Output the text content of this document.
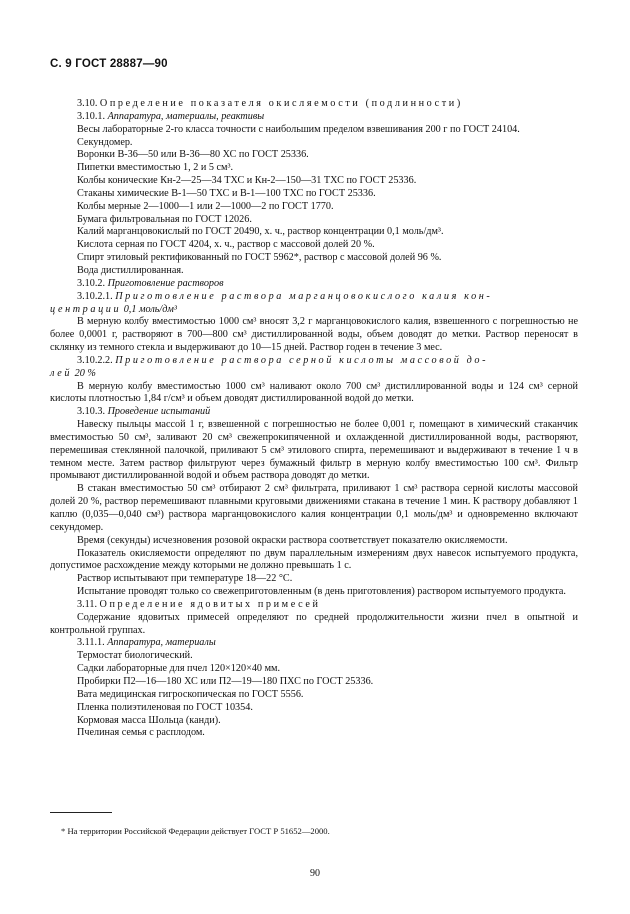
С. 9 ГОСТ 28887—90

3.10. Определение показателя окисляемости (подлинности)

3.10.1. Аппаратура, материалы, реактивы

Весы лабораторные 2-го класса точности с наибольшим пределом взвешивания 200 г по ГОСТ 24104.

Секундомер.

Воронки В-36—50 или В-36—80 ХС по ГОСТ 25336.

Пипетки вместимостью 1, 2 и 5 см³.

Колбы конические Кн-2—25—34 ТХС и Кн-2—150—31 ТХС по ГОСТ 25336.

Стаканы химические В-1—50 ТХС и В-1—100 ТХС по ГОСТ 25336.

Колбы мерные 2—1000—1 или 2—1000—2 по ГОСТ 1770.

Бумага фильтровальная по ГОСТ 12026.

Калий марганцовокислый по ГОСТ 20490, х. ч., раствор концентрации 0,1 моль/дм³.

Кислота серная по ГОСТ 4204, х. ч., раствор с массовой долей 20 %.

Спирт этиловый ректификованный по ГОСТ 5962*, раствор с массовой долей 96 %.

Вода дистиллированная.

3.10.2. Приготовление растворов

3.10.2.1. Приготовление раствора марганцовокислого калия кон-
центрации 0,1 моль/дм³

В мерную колбу вместимостью 1000 см³ вносят 3,2 г марганцовокислого калия, взвешенного с погрешностью не более 0,0001 г, растворяют в 700—800 см³ дистиллированной воды, объем доводят до метки. Раствор переносят в склянку из темного стекла и выдерживают до 10—15 дней. Раствор годен в течение 3 мес.

3.10.2.2. Приготовление раствора серной кислоты массовой до-
лей 20 %

В мерную колбу вместимостью 1000 см³ наливают около 700 см³ дистиллированной воды и 124 см³ серной кислоты плотностью 1,84 г/см³ и объем доводят дистиллированной водой до метки.

3.10.3. Проведение испытаний

Навеску пыльцы массой 1 г, взвешенной с погрешностью не более 0,001 г, помещают в химический стаканчик вместимостью 50 см³, заливают 20 см³ свежепрокипяченной и охлажденной дистиллированной воды, растворяют, перемешивая стеклянной палочкой, приливают 5 см³ этилового спирта, перемешивают и выдерживают в течение 1 ч в темном месте. Затем раствор фильтруют через бумажный фильтр в мерную колбу вместимостью 100 см³. Фильтр промывают дистиллированной водой и объем раствора доводят до метки.

В стакан вместимостью 50 см³ отбирают 2 см³ фильтрата, приливают 1 см³ раствора серной кислоты массовой долей 20 %, раствор перемешивают плавными круговыми движениями стакана в течение 1 мин. К раствору добавляют 1 каплю (0,035—0,040 см³) раствора марганцовокислого калия концентрации 0,1 моль/дм³ и одновременно включают секундомер.

Время (секунды) исчезновения розовой окраски раствора соответствует показателю окисляемости.

Показатель окисляемости определяют по двум параллельным измерениям двух навесок испытуемого продукта, допустимое расхождение между которыми не должно превышать 1 с.

Раствор испытывают при температуре 18—22 °С.

Испытание проводят только со свежеприготовленным (в день приготовления) раствором испытуемого продукта.

3.11. Определение ядовитых примесей

Содержание ядовитых примесей определяют по средней продолжительности жизни пчел в опытной и контрольной группах.

3.11.1. Аппаратура, материалы

Термостат биологический.

Садки лабораторные для пчел 120×120×40 мм.

Пробирки П2—16—180 ХС или П2—19—180 ПХС по ГОСТ 25336.

Вата медицинская гигроскопическая по ГОСТ 5556.

Пленка полиэтиленовая по ГОСТ 10354.

Кормовая масса Шольца (канди).

Пчелиная семья с расплодом.

* На территории Российской Федерации действует ГОСТ Р 51652—2000.
90
